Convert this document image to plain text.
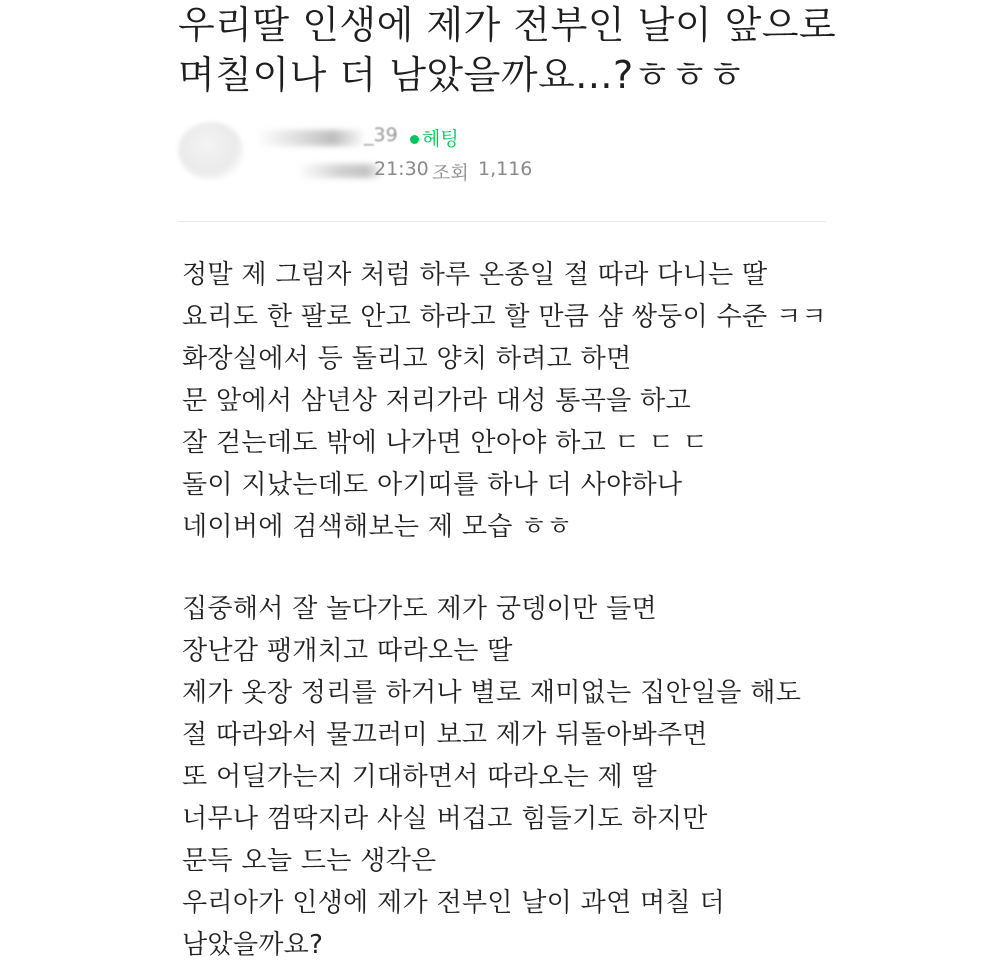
우리딸 인생에 제가 전부인 날이 앞으로
며칠이나 더 남았을까요...?ㅎㅎㅎ
_39	헤팅
21:30 조회 1,116
정말 제 그림자 처럼 하루 온종일 절 따라 다니는 딸
요리도 한 팔로 안고 하라고 할 만큼 샴 쌍둥이 수준 ㅋㅋ
화장실에서 등 돌리고 양치 하려고 하면
문 앞에서 삼년상 저리가라 대성 통곡을 하고
잘 걷는데도 밖에 나가면 안아야 하고 ㄷ ㄷ ㄷ
돌이 지났는데도 아기띠를 하나 더 사야하나
네이버에 검색해보는 제 모습 ㅎㅎ
집중해서 잘 놀다가도 제가 궁뎅이만 들면
장난감 팽개치고 따라오는 딸
제가 옷장 정리를 하거나 별로 재미없는 집안일을 해도
절 따라와서 물끄러미 보고 제가 뒤돌아봐주면
또 어딜가는지 기대하면서 따라오는 제 딸
너무나 껌딱지라 사실 버겁고 힘들기도 하지만
문득 오늘 드는 생각은
우리아가 인생에 제가 전부인 날이 과연 며칠 더
남았을까요?
